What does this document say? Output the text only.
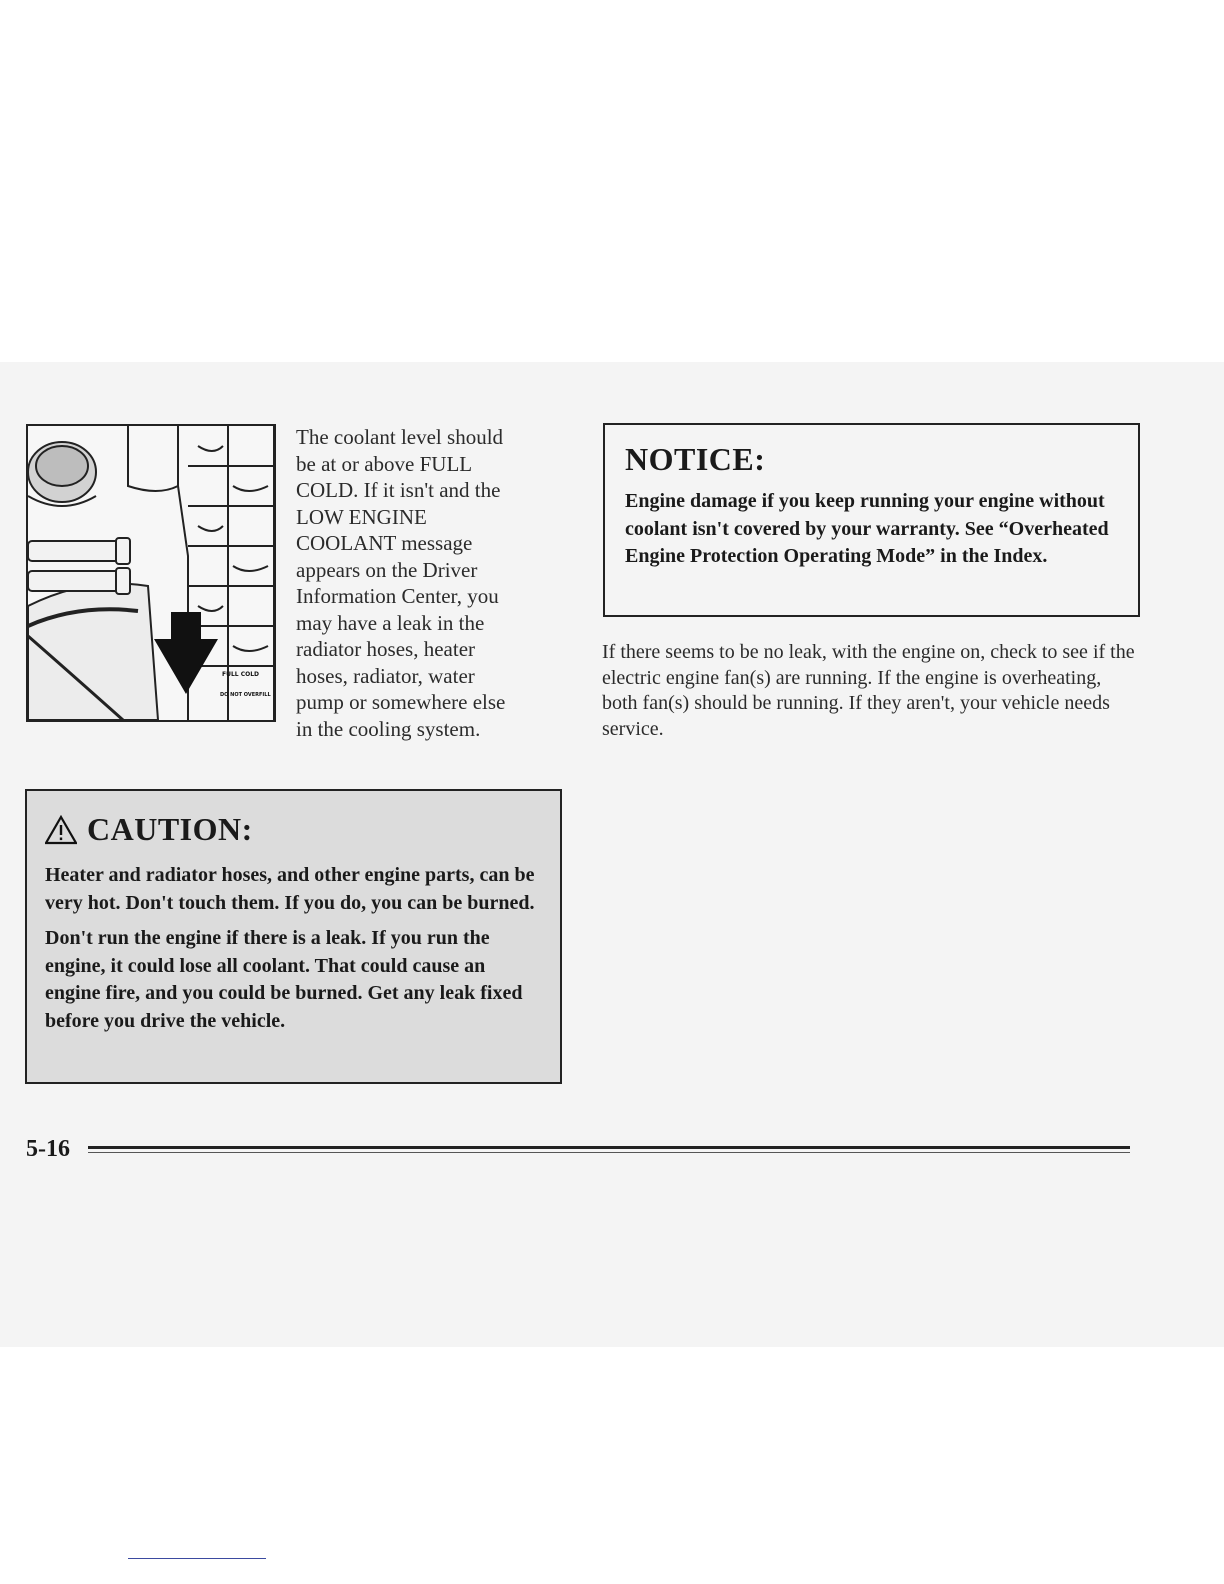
FULL COLD
DO NOT OVERFILL

The coolant level should be at or above FULL COLD. If it isn't and the LOW ENGINE COOLANT message appears on the Driver Information Center, you may have a leak in the radiator hoses, heater hoses, radiator, water pump or somewhere else in the cooling system.

CAUTION:

Heater and radiator hoses, and other engine parts, can be very hot. Don't touch them. If you do, you can be burned.

Don't run the engine if there is a leak. If you run the engine, it could lose all coolant. That could cause an engine fire, and you could be burned. Get any leak fixed before you drive the vehicle.

NOTICE:

Engine damage if you keep running your engine without coolant isn't covered by your warranty. See “Overheated Engine Protection Operating Mode” in the Index.

If there seems to be no leak, with the engine on, check to see if the electric engine fan(s) are running. If the engine is overheating, both fan(s) should be running. If they aren't, your vehicle needs service.

5-16
